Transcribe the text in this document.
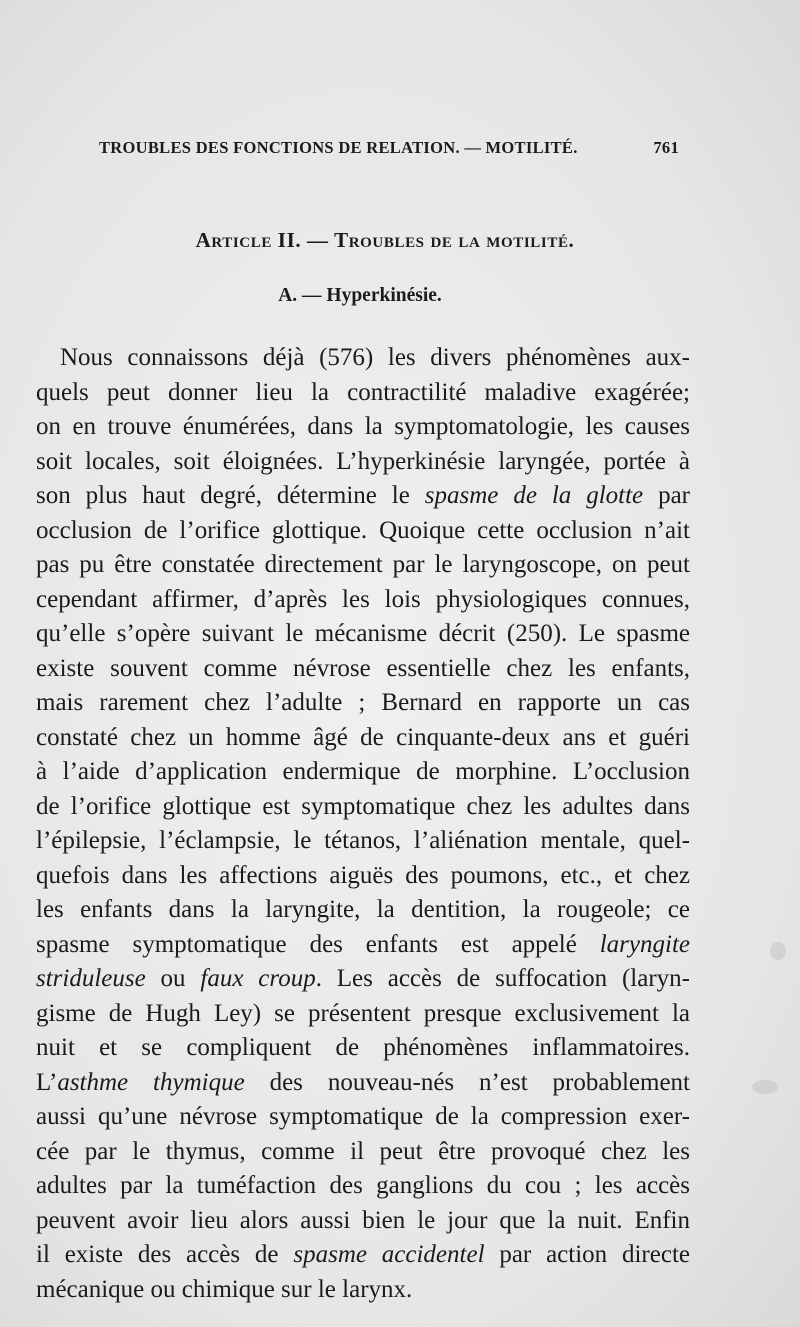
TROUBLES DES FONCTIONS DE RELATION. — MOTILITÉ.	761
Article II. — Troubles de la motilité.
A. — Hyperkinésie.
Nous connaissons déjà (576) les divers phénomènes aux-
quels peut donner lieu la contractilité maladive exagérée;
on en trouve énumérées, dans la symptomatologie, les causes
soit locales, soit éloignées. L’hyperkinésie laryngée, portée à
son plus haut degré, détermine le spasme de la glotte par
occlusion de l’orifice glottique. Quoique cette occlusion n’ait
pas pu être constatée directement par le laryngoscope, on peut
cependant affirmer, d’après les lois physiologiques connues,
qu’elle s’opère suivant le mécanisme décrit (250). Le spasme
existe souvent comme névrose essentielle chez les enfants,
mais rarement chez l’adulte ; Bernard en rapporte un cas
constaté chez un homme âgé de cinquante-deux ans et guéri
à l’aide d’application endermique de morphine. L’occlusion
de l’orifice glottique est symptomatique chez les adultes dans
l’épilepsie, l’éclampsie, le tétanos, l’aliénation mentale, quel-
quefois dans les affections aiguës des poumons, etc., et chez
les enfants dans la laryngite, la dentition, la rougeole; ce
spasme symptomatique des enfants est appelé laryngite
striduleuse ou faux croup. Les accès de suffocation (laryn-
gisme de Hugh Ley) se présentent presque exclusivement la
nuit et se compliquent de phénomènes inflammatoires.
L’asthme thymique des nouveau-nés n’est probablement
aussi qu’une névrose symptomatique de la compression exer-
cée par le thymus, comme il peut être provoqué chez les
adultes par la tuméfaction des ganglions du cou ; les accès
peuvent avoir lieu alors aussi bien le jour que la nuit. Enfin
il existe des accès de spasme accidentel par action directe
mécanique ou chimique sur le larynx.
